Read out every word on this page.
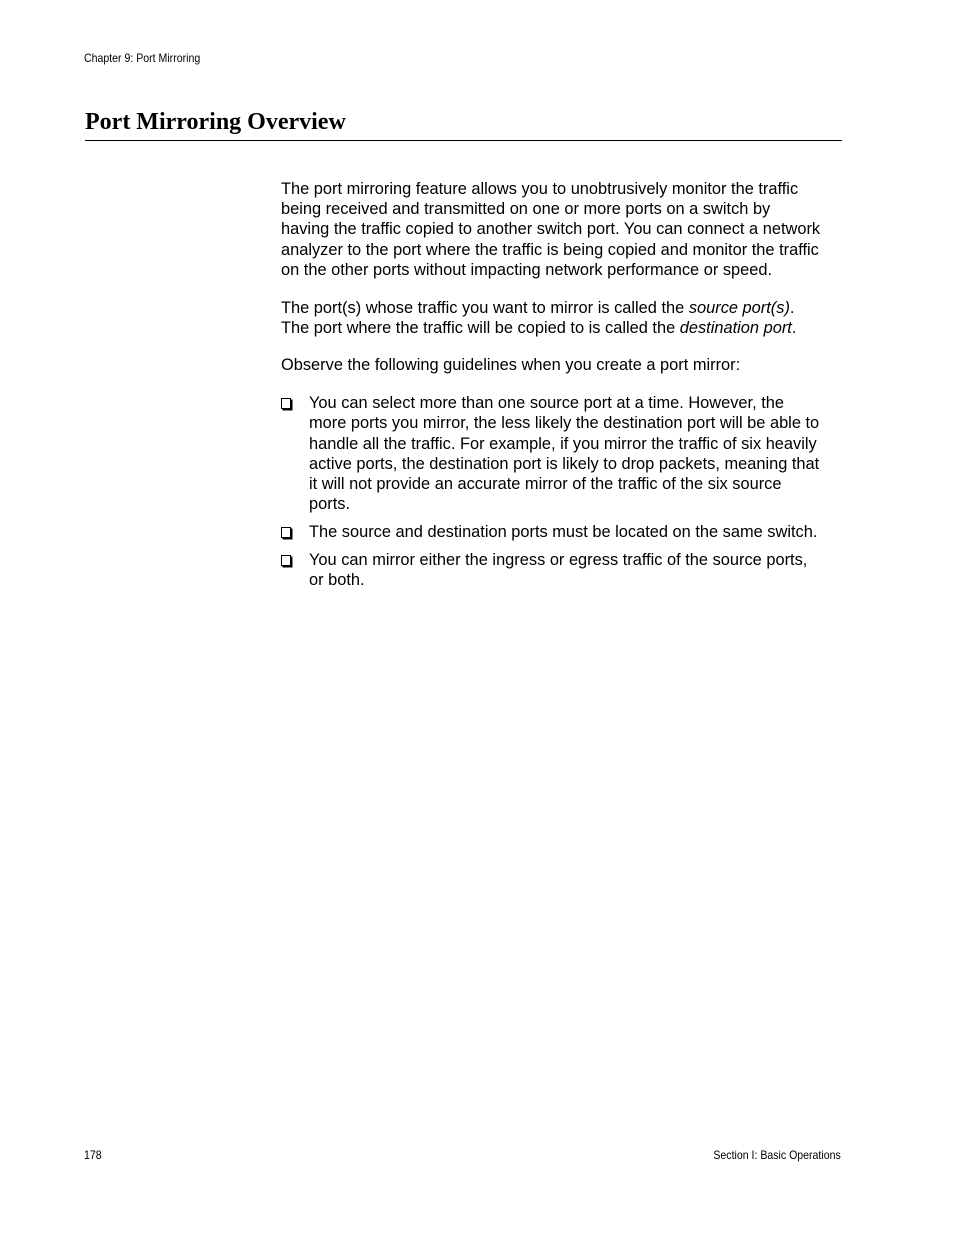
Chapter 9: Port Mirroring
Port Mirroring Overview

The port mirroring feature allows you to unobtrusively monitor the traffic
being received and transmitted on one or more ports on a switch by
having the traffic copied to another switch port. You can connect a network
analyzer to the port where the traffic is being copied and monitor the traffic
on the other ports without impacting network performance or speed.

The port(s) whose traffic you want to mirror is called the source port(s).
The port where the traffic will be copied to is called the destination port.

Observe the following guidelines when you create a port mirror:

You can select more than one source port at a time. However, the
more ports you mirror, the less likely the destination port will be able to
handle all the traffic. For example, if you mirror the traffic of six heavily
active ports, the destination port is likely to drop packets, meaning that
it will not provide an accurate mirror of the traffic of the six source
ports.
The source and destination ports must be located on the same switch.
You can mirror either the ingress or egress traffic of the source ports,
or both.
178	Section I: Basic Operations
